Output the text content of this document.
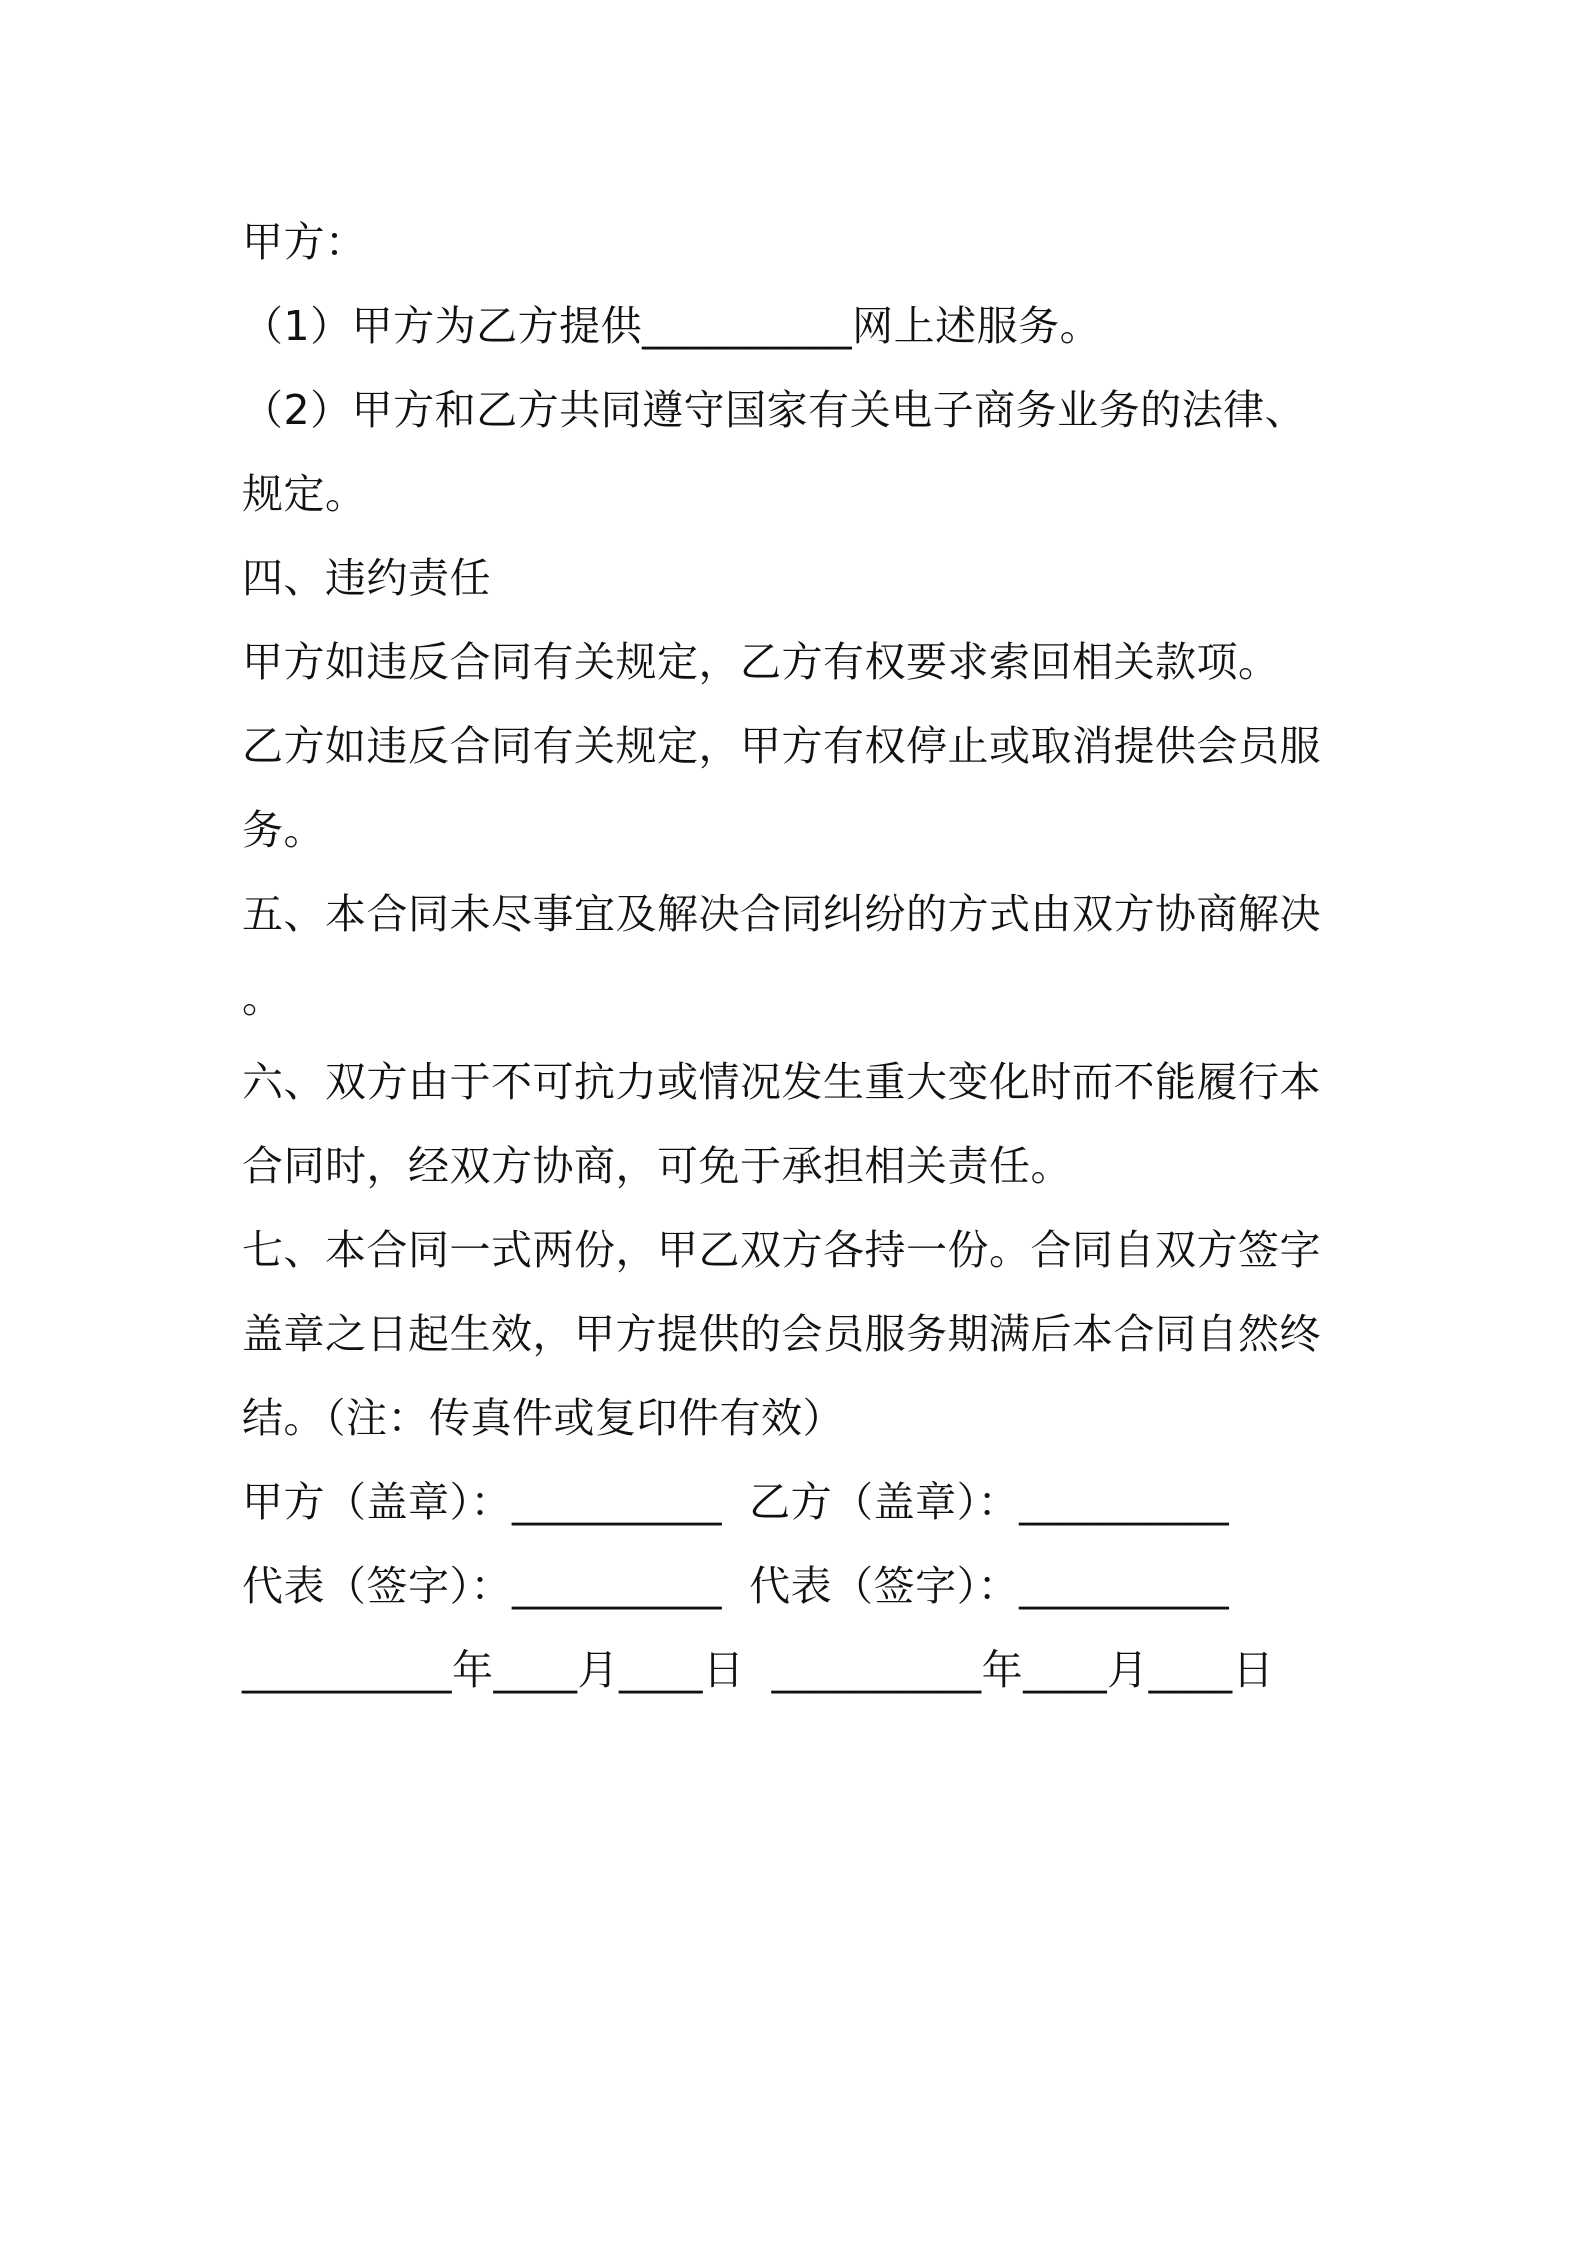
甲方：
（1）甲方为乙方提供__________网上述服务。
（2）甲方和乙方共同遵守国家有关电子商务业务的法律、
规定。
四、违约责任
甲方如违反合同有关规定，乙方有权要求索回相关款项。
乙方如违反合同有关规定，甲方有权停止或取消提供会员服
务。
五、本合同未尽事宜及解决合同纠纷的方式由双方协商解决
。
六、双方由于不可抗力或情况发生重大变化时而不能履行本
合同时，经双方协商，可免于承担相关责任。
七、本合同一式两份，甲乙双方各持一份。合同自双方签字
盖章之日起生效，甲方提供的会员服务期满后本合同自然终
结。（注：传真件或复印件有效）
甲方（盖章）：__________  乙方（盖章）：__________
代表（签字）：__________  代表（签字）：__________
__________年____月____日  __________年____月____日
